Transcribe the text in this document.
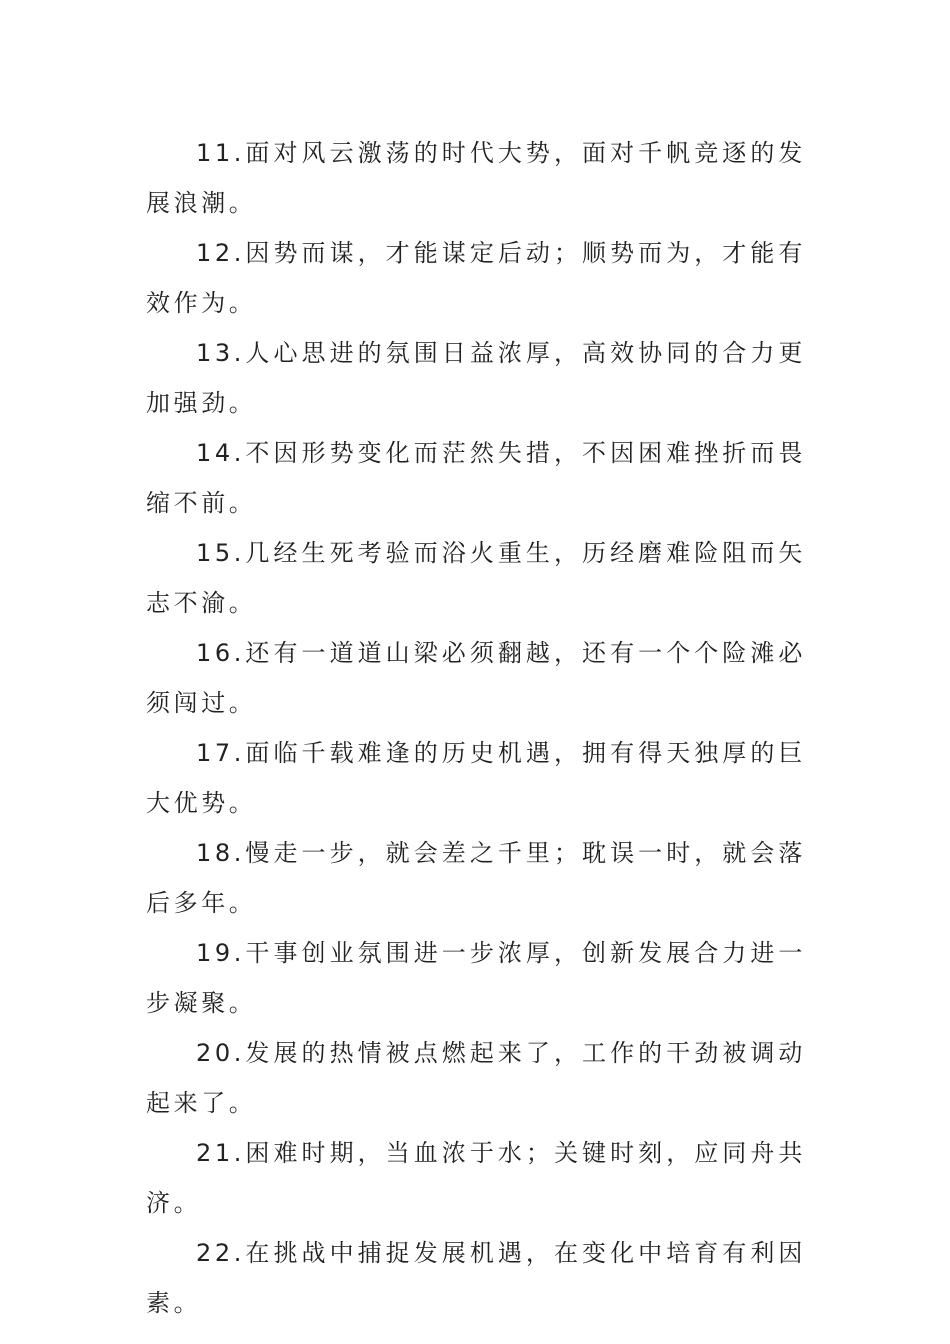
11.面对风云激荡的时代大势，面对千帆竞逐的发展浪潮。

12.因势而谋，才能谋定后动；顺势而为，才能有效作为。

13.人心思进的氛围日益浓厚，高效协同的合力更加强劲。

14.不因形势变化而茫然失措，不因困难挫折而畏缩不前。

15.几经生死考验而浴火重生，历经磨难险阻而矢志不渝。

16.还有一道道山梁必须翻越，还有一个个险滩必须闯过。

17.面临千载难逢的历史机遇，拥有得天独厚的巨大优势。

18.慢走一步，就会差之千里；耽误一时，就会落后多年。

19.干事创业氛围进一步浓厚，创新发展合力进一步凝聚。

20.发展的热情被点燃起来了，工作的干劲被调动起来了。

21.困难时期，当血浓于水；关键时刻，应同舟共济。

22.在挑战中捕捉发展机遇，在变化中培育有利因素。
